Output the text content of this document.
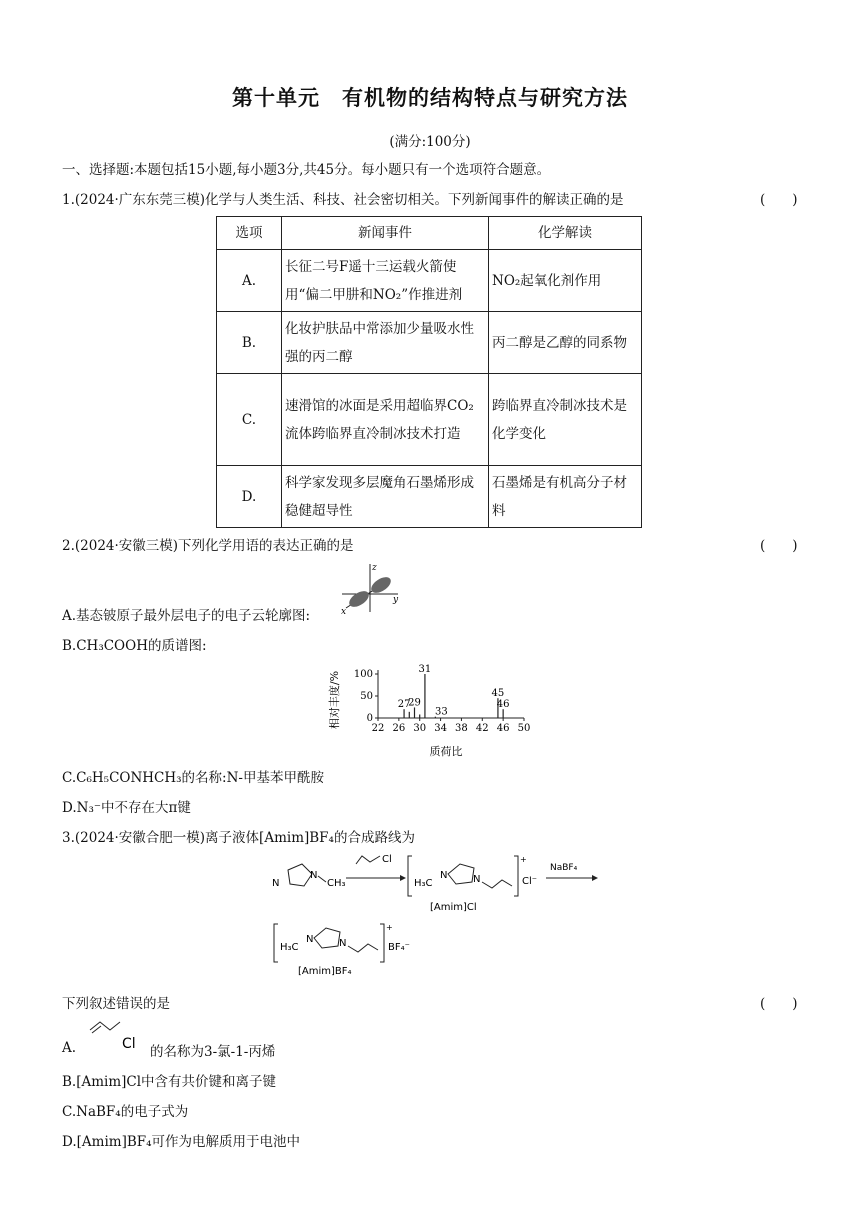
第十单元　有机物的结构特点与研究方法
(满分:100分)
一、选择题:本题包括15小题,每小题3分,共45分。每小题只有一个选项符合题意。
1.(2024·广东东莞三模)化学与人类生活、科技、社会密切相关。下列新闻事件的解读正确的是	(　　)
选项	新闻事件	化学解读
A.	长征二号F遥十三运载火箭使用“偏二甲肼和NO₂”作推进剂	NO₂起氧化剂作用
B.	化妆护肤品中常添加少量吸水性强的丙二醇	丙二醇是乙醇的同系物
C.	速滑馆的冰面是采用超临界CO₂流体跨临界直冷制冰技术打造	跨临界直冷制冰技术是化学变化
D.	科学家发现多层魔角石墨烯形成稳健超导性	石墨烯是有机高分子材料
2.(2024·安徽三模)下列化学用语的表达正确的是	(　　)
A.基态铍原子最外层电子的电子云轮廓图:
z
y
x
B.CH₃COOH的质谱图:
0
50
100
22 26 30 34 38 42 46 50
27
29
31
33
45
46
质荷比
相对丰度/%
C.C₆H₅CONHCH₃的名称:N-甲基苯甲酰胺
D.N₃⁻中不存在大π键
3.(2024·安徽合肥一模)离子液体[Amim]BF₄的合成路线为
N
N
CH₃
Cl
H₃C
N	N
+
Cl⁻
[Amim]Cl
NaBF₄
H₃C
N	N
+
BF₄⁻
[Amim]BF₄
下列叙述错误的是	(　　)
A.	Cl 的名称为3-氯-1-丙烯
B.[Amim]Cl中含有共价键和离子键
C.NaBF₄的电子式为
D.[Amim]BF₄可作为电解质用于电池中
